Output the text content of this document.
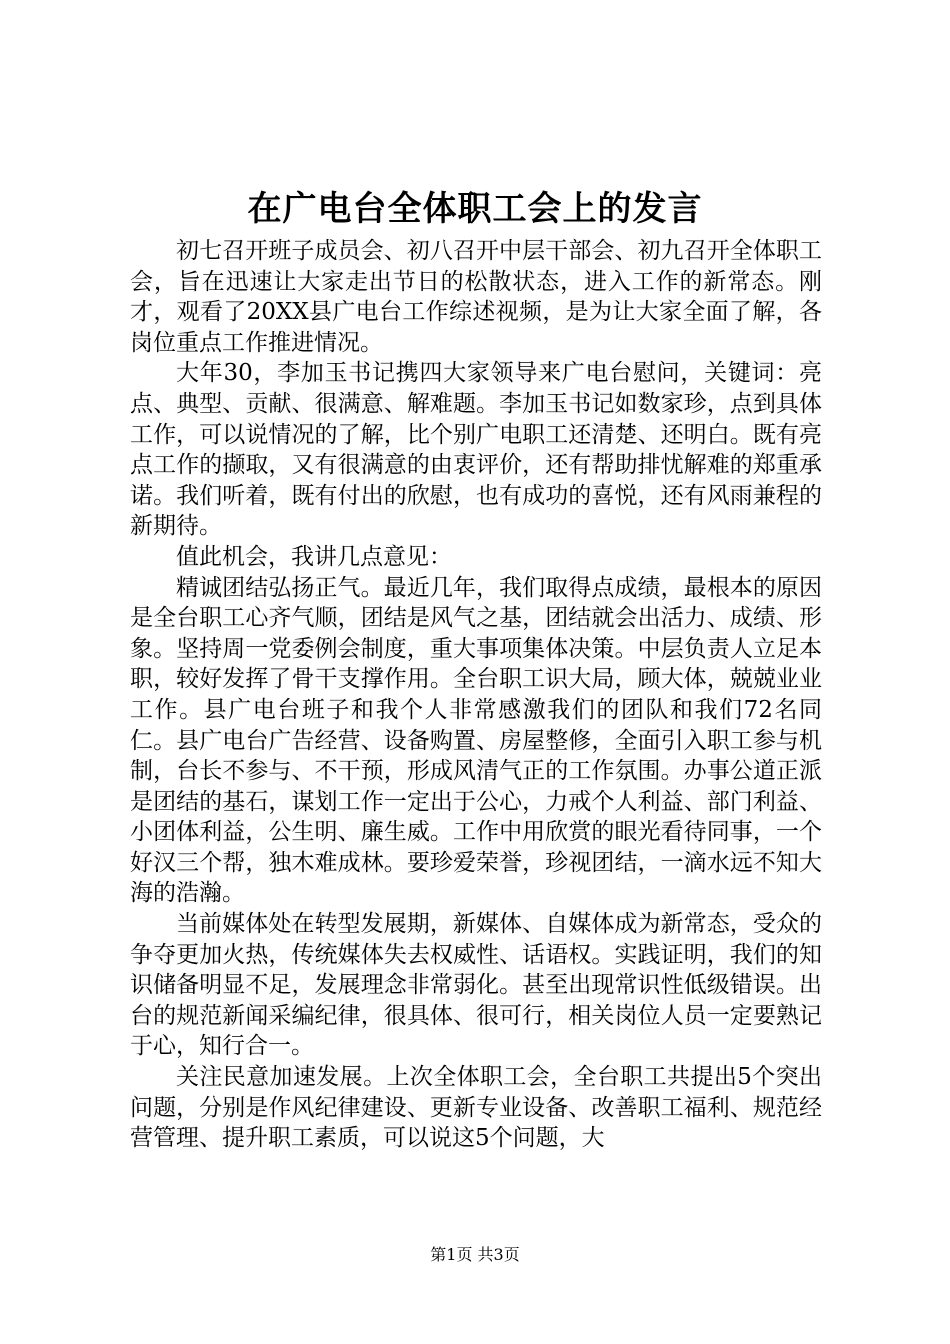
在广电台全体职工会上的发言

初七召开班子成员会、初八召开中层干部会、初九召开全体职工会，旨在迅速让大家走出节日的松散状态，进入工作的新常态。刚才，观看了20XX县广电台工作综述视频，是为让大家全面了解，各岗位重点工作推进情况。

大年30，李加玉书记携四大家领导来广电台慰问，关键词：亮点、典型、贡献、很满意、解难题。李加玉书记如数家珍，点到具体工作，可以说情况的了解，比个别广电职工还清楚、还明白。既有亮点工作的撷取，又有很满意的由衷评价，还有帮助排忧解难的郑重承诺。我们听着，既有付出的欣慰，也有成功的喜悦，还有风雨兼程的新期待。

值此机会，我讲几点意见：

精诚团结弘扬正气。最近几年，我们取得点成绩，最根本的原因是全台职工心齐气顺，团结是风气之基，团结就会出活力、成绩、形象。坚持周一党委例会制度，重大事项集体决策。中层负责人立足本职，较好发挥了骨干支撑作用。全台职工识大局，顾大体，兢兢业业工作。县广电台班子和我个人非常感激我们的团队和我们72名同仁。县广电台广告经营、设备购置、房屋整修，全面引入职工参与机制，台长不参与、不干预，形成风清气正的工作氛围。办事公道正派是团结的基石，谋划工作一定出于公心，力戒个人利益、部门利益、小团体利益，公生明、廉生威。工作中用欣赏的眼光看待同事，一个好汉三个帮，独木难成林。要珍爱荣誉，珍视团结，一滴水远不知大海的浩瀚。

当前媒体处在转型发展期，新媒体、自媒体成为新常态，受众的争夺更加火热，传统媒体失去权威性、话语权。实践证明，我们的知识储备明显不足，发展理念非常弱化。甚至出现常识性低级错误。出台的规范新闻采编纪律，很具体、很可行，相关岗位人员一定要熟记于心，知行合一。

关注民意加速发展。上次全体职工会，全台职工共提出5个突出问题，分别是作风纪律建设、更新专业设备、改善职工福利、规范经营管理、提升职工素质，可以说这5个问题，大

第1页 共3页
